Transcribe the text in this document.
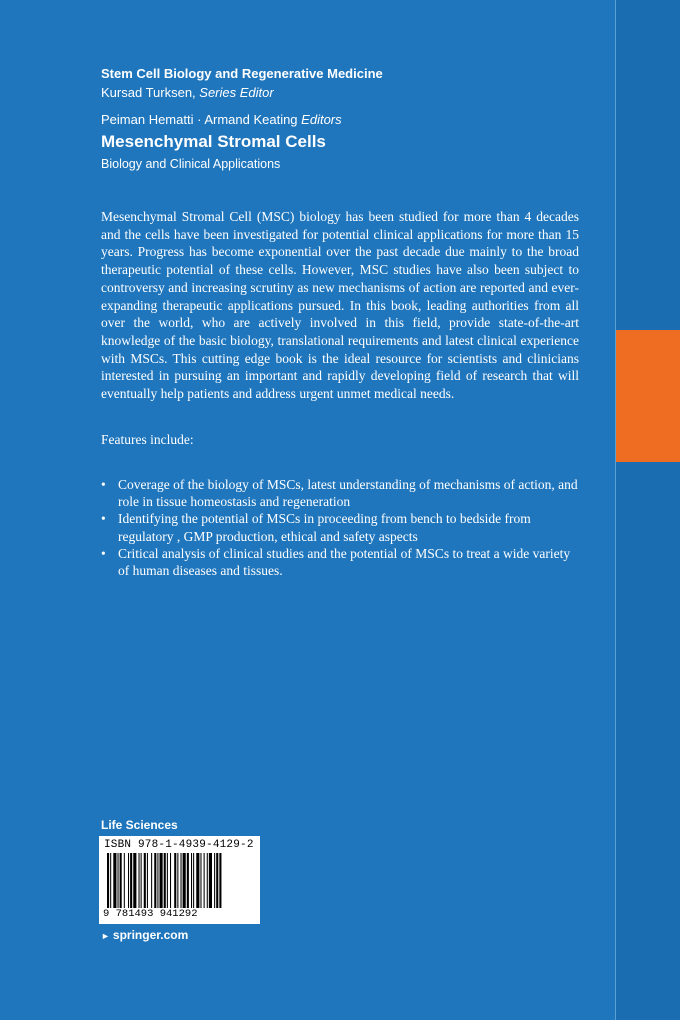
Stem Cell Biology and Regenerative Medicine
Kursad Turksen, Series Editor
Peiman Hematti · Armand Keating Editors
Mesenchymal Stromal Cells
Biology and Clinical Applications

Mesenchymal Stromal Cell (MSC) biology has been studied for more than 4 decades and the cells have been investigated for potential clinical applications for more than 15 years. Progress has become exponential over the past decade due mainly to the broad therapeutic potential of these cells. However, MSC studies have also been subject to controversy and increasing scrutiny as new mechanisms of action are reported and ever-expanding therapeutic applications pursued. In this book, leading authorities from all over the world, who are actively involved in this field, provide state-of-the-art knowledge of the basic biology, translational requirements and latest clinical experience with MSCs. This cutting edge book is the ideal resource for scientists and clinicians interested in pursuing an important and rapidly developing field of research that will eventually help patients and address urgent unmet medical needs.

Features include:
• Coverage of the biology of MSCs, latest understanding of mechanisms of action, and role in tissue homeostasis and regeneration
• Identifying the potential of MSCs in proceeding from bench to bedside from regulatory , GMP production, ethical and safety aspects
• Critical analysis of clinical studies and the potential of MSCs to treat a wide variety of human diseases and tissues.
Life Sciences
ISBN 978-1-4939-4129-2
9 781493 941292
► springer.com
